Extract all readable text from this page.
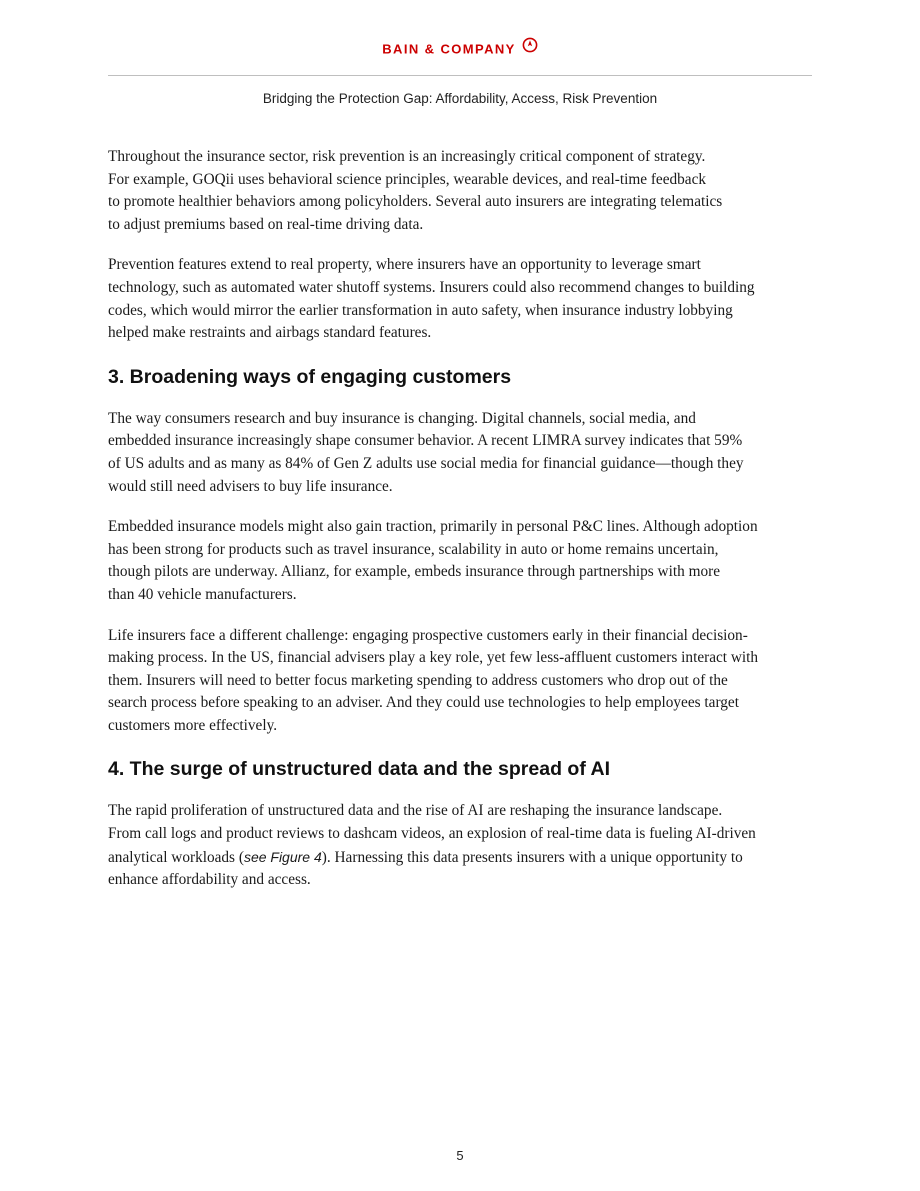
BAIN & COMPANY
Bridging the Protection Gap: Affordability, Access, Risk Prevention

Throughout the insurance sector, risk prevention is an increasingly critical component of strategy.
For example, GOQii uses behavioral science principles, wearable devices, and real-time feedback
to promote healthier behaviors among policyholders. Several auto insurers are integrating telematics
to adjust premiums based on real-time driving data.

Prevention features extend to real property, where insurers have an opportunity to leverage smart
technology, such as automated water shutoff systems. Insurers could also recommend changes to building
codes, which would mirror the earlier transformation in auto safety, when insurance industry lobbying
helped make restraints and airbags standard features.

3. Broadening ways of engaging customers

The way consumers research and buy insurance is changing. Digital channels, social media, and
embedded insurance increasingly shape consumer behavior. A recent LIMRA survey indicates that 59%
of US adults and as many as 84% of Gen Z adults use social media for financial guidance—though they
would still need advisers to buy life insurance.

Embedded insurance models might also gain traction, primarily in personal P&C lines. Although adoption
has been strong for products such as travel insurance, scalability in auto or home remains uncertain,
though pilots are underway. Allianz, for example, embeds insurance through partnerships with more
than 40 vehicle manufacturers.

Life insurers face a different challenge: engaging prospective customers early in their financial decision-
making process. In the US, financial advisers play a key role, yet few less-affluent customers interact with
them. Insurers will need to better focus marketing spending to address customers who drop out of the
search process before speaking to an adviser. And they could use technologies to help employees target
customers more effectively.

4. The surge of unstructured data and the spread of AI

The rapid proliferation of unstructured data and the rise of AI are reshaping the insurance landscape.
From call logs and product reviews to dashcam videos, an explosion of real-time data is fueling AI-driven
analytical workloads (see Figure 4). Harnessing this data presents insurers with a unique opportunity to
enhance affordability and access.

5
